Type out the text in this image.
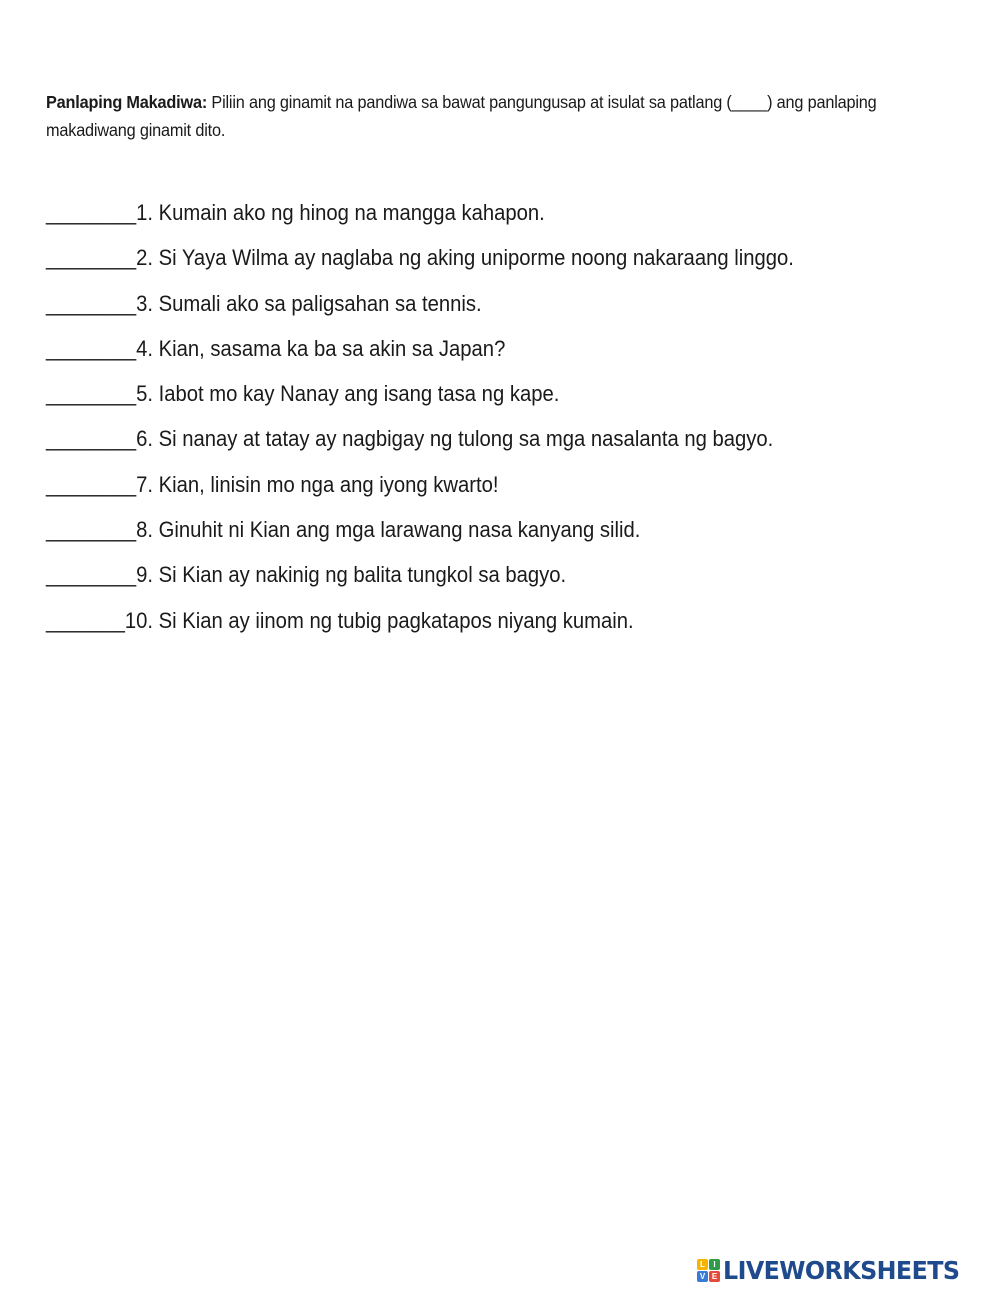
Panlaping Makadiwa: Piliin ang ginamit na pandiwa sa bawat pangungusap at isulat sa patlang (____) ang panlaping makadiwang ginamit dito.
________1. Kumain ako ng hinog na mangga kahapon.
________2. Si Yaya Wilma ay naglaba ng aking uniporme noong nakaraang linggo.
________3. Sumali ako sa paligsahan sa tennis.
________4. Kian, sasama ka ba sa akin sa Japan?
________5. Iabot mo kay Nanay ang isang tasa ng kape.
________6. Si nanay at tatay ay nagbigay ng tulong sa mga nasalanta ng bagyo.
________7. Kian, linisin mo nga ang iyong kwarto!
________8. Ginuhit ni Kian ang mga larawang nasa kanyang silid.
________9. Si Kian ay nakinig ng balita tungkol sa bagyo.
_______10. Si Kian ay iinom ng tubig pagkatapos niyang kumain.
L	I
V E LIVEWORKSHEETS
